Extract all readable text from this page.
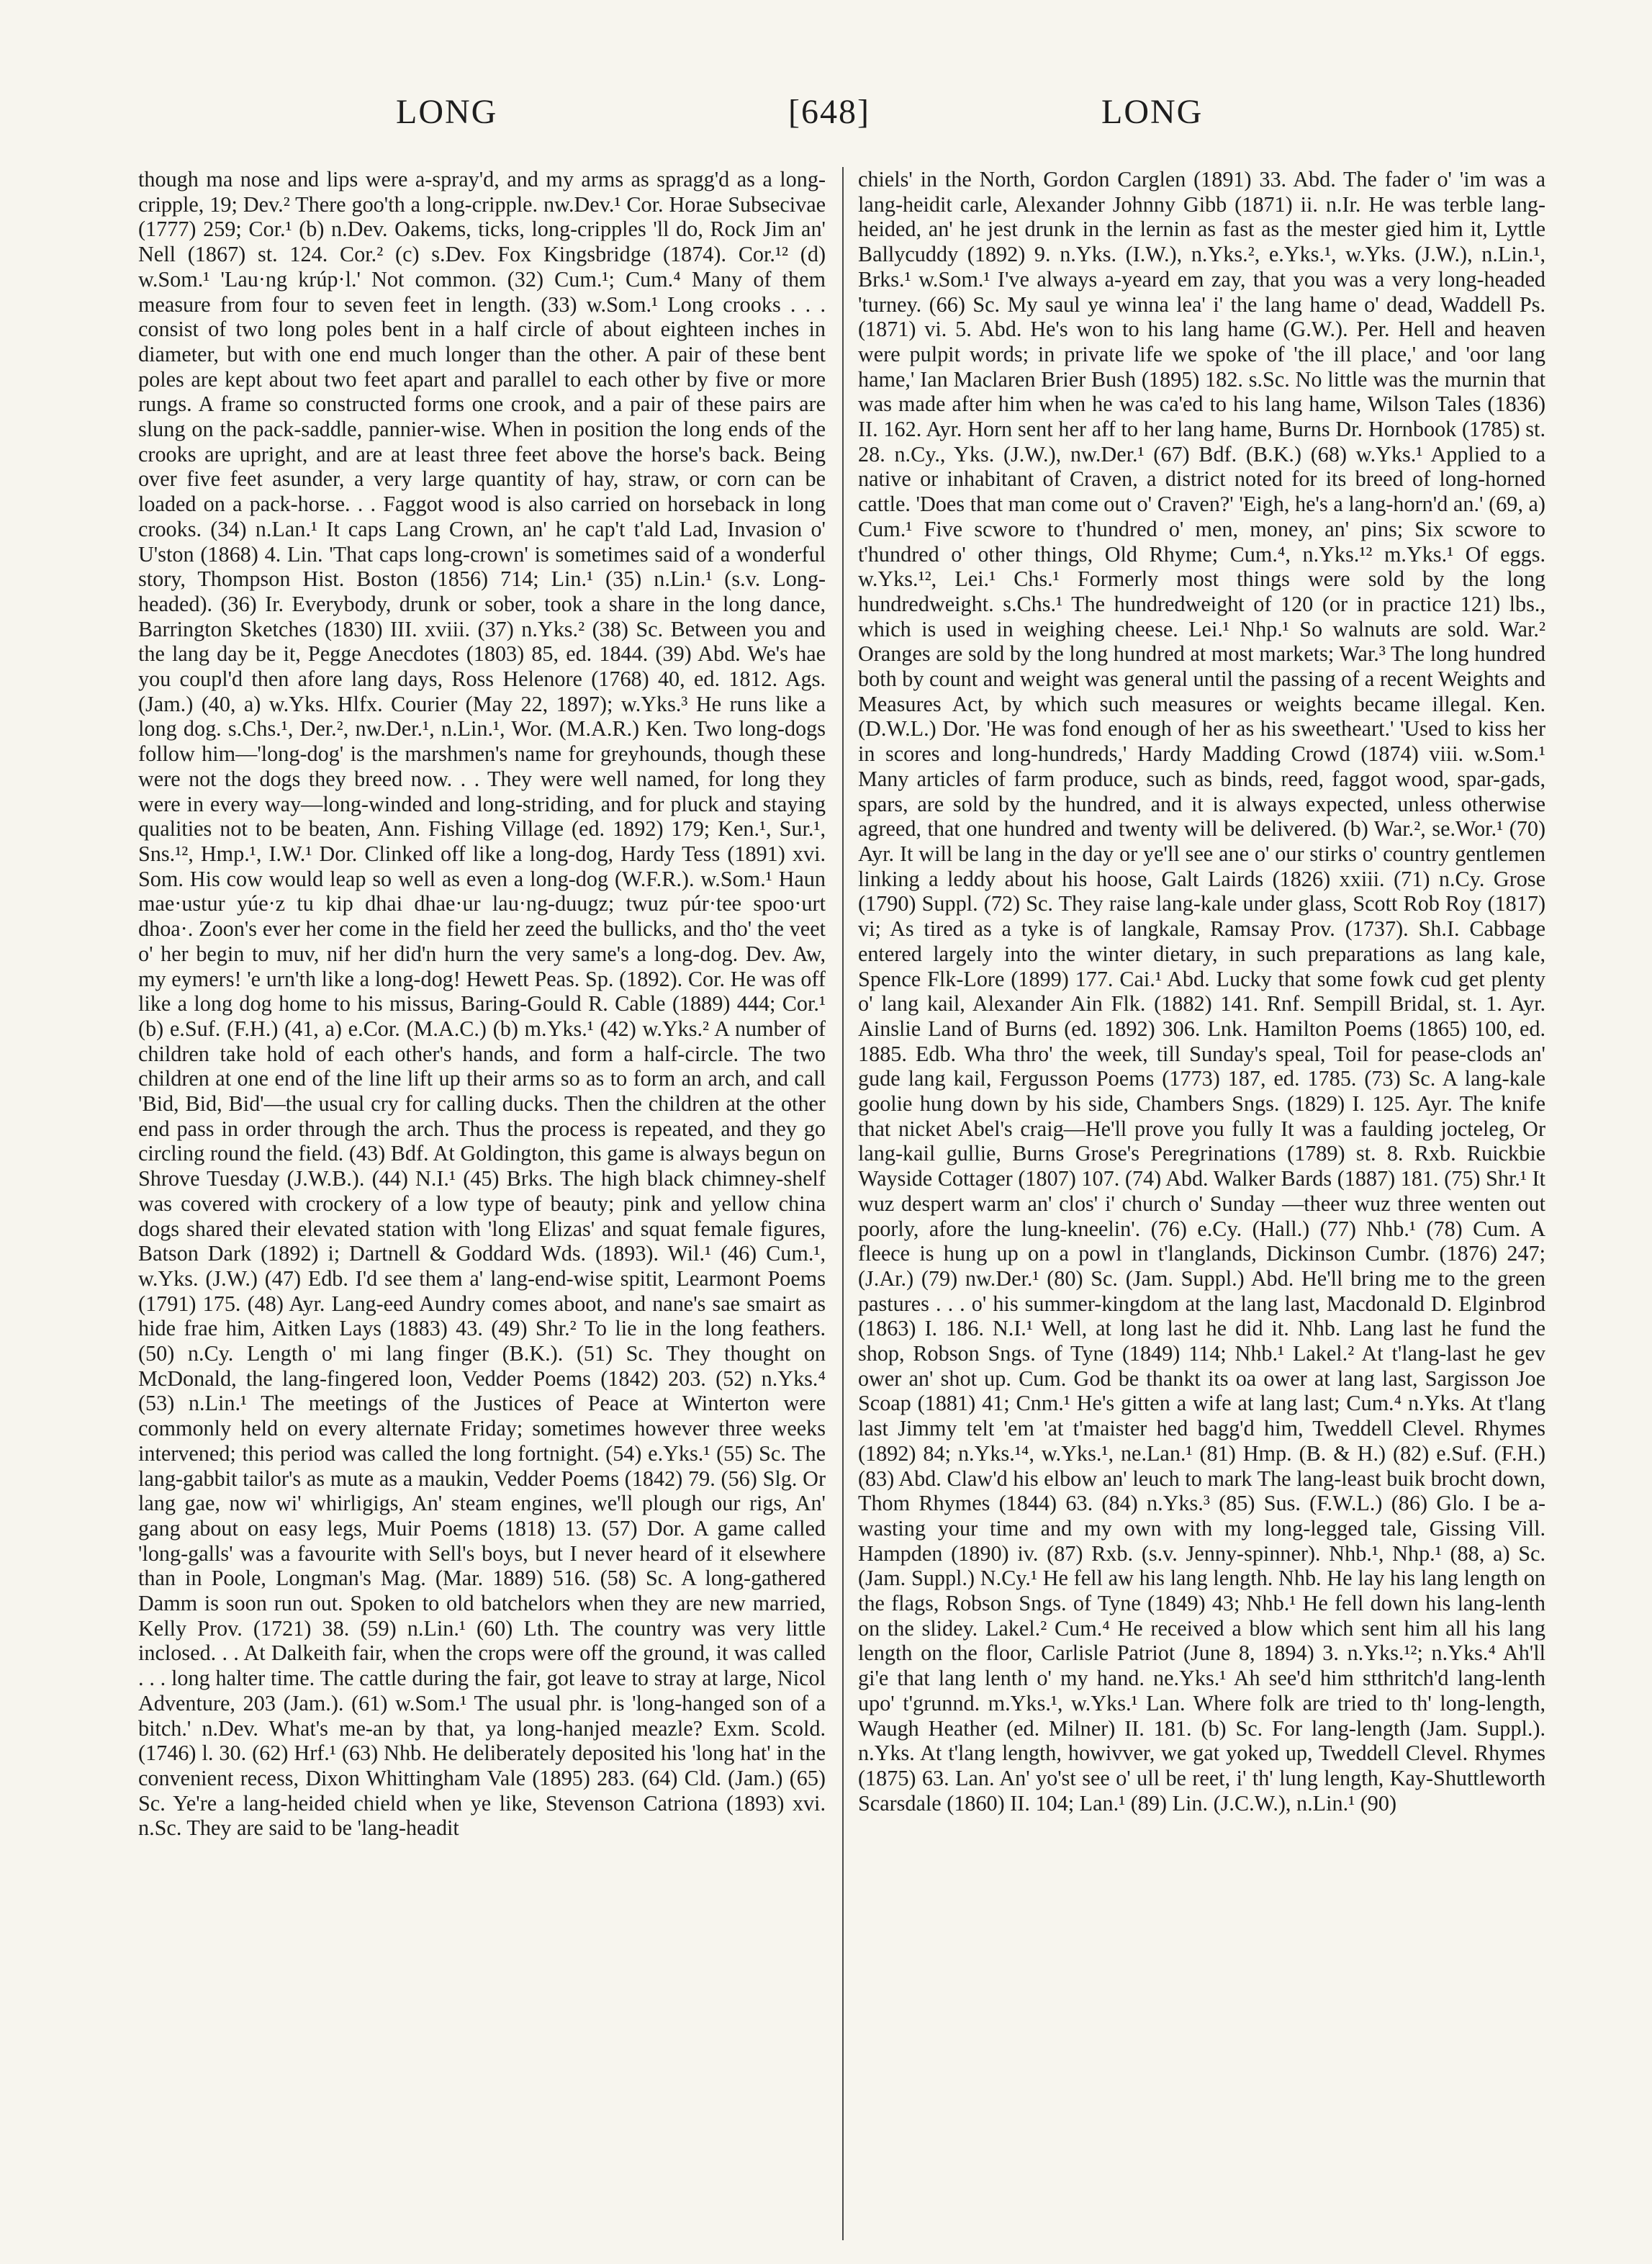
LONG	[648]	LONG
though ma nose and lips were a-spray'd, and my arms as spragg'd as a long-cripple, 19; Dev.² There goo'th a long-cripple. nw.Dev.¹ Cor. Horae Subsecivae (1777) 259; Cor.¹ (b) n.Dev. Oakems, ticks, long-cripples 'll do, Rock Jim an' Nell (1867) st. 124. Cor.² (c) s.Dev. Fox Kingsbridge (1874). Cor.¹² (d) w.Som.¹ 'Lau·ng krúp·l.' Not common. (32) Cum.¹; Cum.⁴ Many of them measure from four to seven feet in length. (33) w.Som.¹ Long crooks . . . consist of two long poles bent in a half circle of about eighteen inches in diameter, but with one end much longer than the other. A pair of these bent poles are kept about two feet apart and parallel to each other by five or more rungs. A frame so constructed forms one crook, and a pair of these pairs are slung on the pack-saddle, pannier-wise. When in position the long ends of the crooks are upright, and are at least three feet above the horse's back. Being over five feet asunder, a very large quantity of hay, straw, or corn can be loaded on a pack-horse. . . Faggot wood is also carried on horseback in long crooks. (34) n.Lan.¹ It caps Lang Crown, an' he cap't t'ald Lad, Invasion o' U'ston (1868) 4. Lin. 'That caps long-crown' is sometimes said of a wonderful story, Thompson Hist. Boston (1856) 714; Lin.¹ (35) n.Lin.¹ (s.v. Long-headed). (36) Ir. Everybody, drunk or sober, took a share in the long dance, Barrington Sketches (1830) III. xviii. (37) n.Yks.² (38) Sc. Between you and the lang day be it, Pegge Anecdotes (1803) 85, ed. 1844. (39) Abd. We's hae you coupl'd then afore lang days, Ross Helenore (1768) 40, ed. 1812. Ags. (Jam.) (40, a) w.Yks. Hlfx. Courier (May 22, 1897); w.Yks.³ He runs like a long dog. s.Chs.¹, Der.², nw.Der.¹, n.Lin.¹, Wor. (M.A.R.) Ken. Two long-dogs follow him—'long-dog' is the marshmen's name for greyhounds, though these were not the dogs they breed now. . . They were well named, for long they were in every way—long-winded and long-striding, and for pluck and staying qualities not to be beaten, Ann. Fishing Village (ed. 1892) 179; Ken.¹, Sur.¹, Sns.¹², Hmp.¹, I.W.¹ Dor. Clinked off like a long-dog, Hardy Tess (1891) xvi. Som. His cow would leap so well as even a long-dog (W.F.R.). w.Som.¹ Haun mae·ustur yúe·z tu kip dhai dhae·ur lau·ng-duugz; twuz púr·tee spoo·urt dhoa·. Zoon's ever her come in the field her zeed the bullicks, and tho' the veet o' her begin to muv, nif her did'n hurn the very same's a long-dog. Dev. Aw, my eymers! 'e urn'th like a long-dog! Hewett Peas. Sp. (1892). Cor. He was off like a long dog home to his missus, Baring-Gould R. Cable (1889) 444; Cor.¹ (b) e.Suf. (F.H.) (41, a) e.Cor. (M.A.C.) (b) m.Yks.¹ (42) w.Yks.² A number of children take hold of each other's hands, and form a half-circle. The two children at one end of the line lift up their arms so as to form an arch, and call 'Bid, Bid, Bid'—the usual cry for calling ducks. Then the children at the other end pass in order through the arch. Thus the process is repeated, and they go circling round the field. (43) Bdf. At Goldington, this game is always begun on Shrove Tuesday (J.W.B.). (44) N.I.¹ (45) Brks. The high black chimney-shelf was covered with crockery of a low type of beauty; pink and yellow china dogs shared their elevated station with 'long Elizas' and squat female figures, Batson Dark (1892) i; Dartnell & Goddard Wds. (1893). Wil.¹ (46) Cum.¹, w.Yks. (J.W.) (47) Edb. I'd see them a' lang-end-wise spitit, Learmont Poems (1791) 175. (48) Ayr. Lang-eed Aundry comes aboot, and nane's sae smairt as hide frae him, Aitken Lays (1883) 43. (49) Shr.² To lie in the long feathers. (50) n.Cy. Length o' mi lang finger (B.K.). (51) Sc. They thought on McDonald, the lang-fingered loon, Vedder Poems (1842) 203. (52) n.Yks.⁴ (53) n.Lin.¹ The meetings of the Justices of Peace at Winterton were commonly held on every alternate Friday; sometimes however three weeks intervened; this period was called the long fortnight. (54) e.Yks.¹ (55) Sc. The lang-gabbit tailor's as mute as a maukin, Vedder Poems (1842) 79. (56) Slg. Or lang gae, now wi' whirligigs, An' steam engines, we'll plough our rigs, An' gang about on easy legs, Muir Poems (1818) 13. (57) Dor. A game called 'long-galls' was a favourite with Sell's boys, but I never heard of it elsewhere than in Poole, Longman's Mag. (Mar. 1889) 516. (58) Sc. A long-gathered Damm is soon run out. Spoken to old batchelors when they are new married, Kelly Prov. (1721) 38. (59) n.Lin.¹ (60) Lth. The country was very little inclosed. . . At Dalkeith fair, when the crops were off the ground, it was called . . . long halter time. The cattle during the fair, got leave to stray at large, Nicol Adventure, 203 (Jam.). (61) w.Som.¹ The usual phr. is 'long-hanged son of a bitch.' n.Dev. What's me-an by that, ya long-hanjed meazle? Exm. Scold. (1746) l. 30. (62) Hrf.¹ (63) Nhb. He deliberately deposited his 'long hat' in the convenient recess, Dixon Whittingham Vale (1895) 283. (64) Cld. (Jam.) (65) Sc. Ye're a lang-heided chield when ye like, Stevenson Catriona (1893) xvi. n.Sc. They are said to be 'lang-headit
chiels' in the North, Gordon Carglen (1891) 33. Abd. The fader o' 'im was a lang-heidit carle, Alexander Johnny Gibb (1871) ii. n.Ir. He was terble lang-heided, an' he jest drunk in the lernin as fast as the mester gied him it, Lyttle Ballycuddy (1892) 9. n.Yks. (I.W.), n.Yks.², e.Yks.¹, w.Yks. (J.W.), n.Lin.¹, Brks.¹ w.Som.¹ I've always a-yeard em zay, that you was a very long-headed 'turney. (66) Sc. My saul ye winna lea' i' the lang hame o' dead, Waddell Ps. (1871) vi. 5. Abd. He's won to his lang hame (G.W.). Per. Hell and heaven were pulpit words; in private life we spoke of 'the ill place,' and 'oor lang hame,' Ian Maclaren Brier Bush (1895) 182. s.Sc. No little was the murnin that was made after him when he was ca'ed to his lang hame, Wilson Tales (1836) II. 162. Ayr. Horn sent her aff to her lang hame, Burns Dr. Hornbook (1785) st. 28. n.Cy., Yks. (J.W.), nw.Der.¹ (67) Bdf. (B.K.) (68) w.Yks.¹ Applied to a native or inhabitant of Craven, a district noted for its breed of long-horned cattle. 'Does that man come out o' Craven?' 'Eigh, he's a lang-horn'd an.' (69, a) Cum.¹ Five scwore to t'hundred o' men, money, an' pins; Six scwore to t'hundred o' other things, Old Rhyme; Cum.⁴, n.Yks.¹² m.Yks.¹ Of eggs. w.Yks.¹², Lei.¹ Chs.¹ Formerly most things were sold by the long hundredweight. s.Chs.¹ The hundredweight of 120 (or in practice 121) lbs., which is used in weighing cheese. Lei.¹ Nhp.¹ So walnuts are sold. War.² Oranges are sold by the long hundred at most markets; War.³ The long hundred both by count and weight was general until the passing of a recent Weights and Measures Act, by which such measures or weights became illegal. Ken. (D.W.L.) Dor. 'He was fond enough of her as his sweetheart.' 'Used to kiss her in scores and long-hundreds,' Hardy Madding Crowd (1874) viii. w.Som.¹ Many articles of farm produce, such as binds, reed, faggot wood, spar-gads, spars, are sold by the hundred, and it is always expected, unless otherwise agreed, that one hundred and twenty will be delivered. (b) War.², se.Wor.¹ (70) Ayr. It will be lang in the day or ye'll see ane o' our stirks o' country gentlemen linking a leddy about his hoose, Galt Lairds (1826) xxiii. (71) n.Cy. Grose (1790) Suppl. (72) Sc. They raise lang-kale under glass, Scott Rob Roy (1817) vi; As tired as a tyke is of langkale, Ramsay Prov. (1737). Sh.I. Cabbage entered largely into the winter dietary, in such preparations as lang kale, Spence Flk-Lore (1899) 177. Cai.¹ Abd. Lucky that some fowk cud get plenty o' lang kail, Alexander Ain Flk. (1882) 141. Rnf. Sempill Bridal, st. 1. Ayr. Ainslie Land of Burns (ed. 1892) 306. Lnk. Hamilton Poems (1865) 100, ed. 1885. Edb. Wha thro' the week, till Sunday's speal, Toil for pease-clods an' gude lang kail, Fergusson Poems (1773) 187, ed. 1785. (73) Sc. A lang-kale goolie hung down by his side, Chambers Sngs. (1829) I. 125. Ayr. The knife that nicket Abel's craig—He'll prove you fully It was a faulding jocteleg, Or lang-kail gullie, Burns Grose's Peregrinations (1789) st. 8. Rxb. Ruickbie Wayside Cottager (1807) 107. (74) Abd. Walker Bards (1887) 181. (75) Shr.¹ It wuz despert warm an' clos' i' church o' Sunday —theer wuz three wenten out poorly, afore the lung-kneelin'. (76) e.Cy. (Hall.) (77) Nhb.¹ (78) Cum. A fleece is hung up on a powl in t'langlands, Dickinson Cumbr. (1876) 247; (J.Ar.) (79) nw.Der.¹ (80) Sc. (Jam. Suppl.) Abd. He'll bring me to the green pastures . . . o' his summer-kingdom at the lang last, Macdonald D. Elginbrod (1863) I. 186. N.I.¹ Well, at long last he did it. Nhb. Lang last he fund the shop, Robson Sngs. of Tyne (1849) 114; Nhb.¹ Lakel.² At t'lang-last he gev ower an' shot up. Cum. God be thankt its oa ower at lang last, Sargisson Joe Scoap (1881) 41; Cnm.¹ He's gitten a wife at lang last; Cum.⁴ n.Yks. At t'lang last Jimmy telt 'em 'at t'maister hed bagg'd him, Tweddell Clevel. Rhymes (1892) 84; n.Yks.¹⁴, w.Yks.¹, ne.Lan.¹ (81) Hmp. (B. & H.) (82) e.Suf. (F.H.) (83) Abd. Claw'd his elbow an' leuch to mark The lang-least buik brocht down, Thom Rhymes (1844) 63. (84) n.Yks.³ (85) Sus. (F.W.L.) (86) Glo. I be a-wasting your time and my own with my long-legged tale, Gissing Vill. Hampden (1890) iv. (87) Rxb. (s.v. Jenny-spinner). Nhb.¹, Nhp.¹ (88, a) Sc. (Jam. Suppl.) N.Cy.¹ He fell aw his lang length. Nhb. He lay his lang length on the flags, Robson Sngs. of Tyne (1849) 43; Nhb.¹ He fell down his lang-lenth on the slidey. Lakel.² Cum.⁴ He received a blow which sent him all his lang length on the floor, Carlisle Patriot (June 8, 1894) 3. n.Yks.¹²; n.Yks.⁴ Ah'll gi'e that lang lenth o' my hand. ne.Yks.¹ Ah see'd him stthritch'd lang-lenth upo' t'grunnd. m.Yks.¹, w.Yks.¹ Lan. Where folk are tried to th' long-length, Waugh Heather (ed. Milner) II. 181. (b) Sc. For lang-length (Jam. Suppl.). n.Yks. At t'lang length, howivver, we gat yoked up, Tweddell Clevel. Rhymes (1875) 63. Lan. An' yo'st see o' ull be reet, i' th' lung length, Kay-Shuttleworth Scarsdale (1860) II. 104; Lan.¹ (89) Lin. (J.C.W.), n.Lin.¹ (90)
